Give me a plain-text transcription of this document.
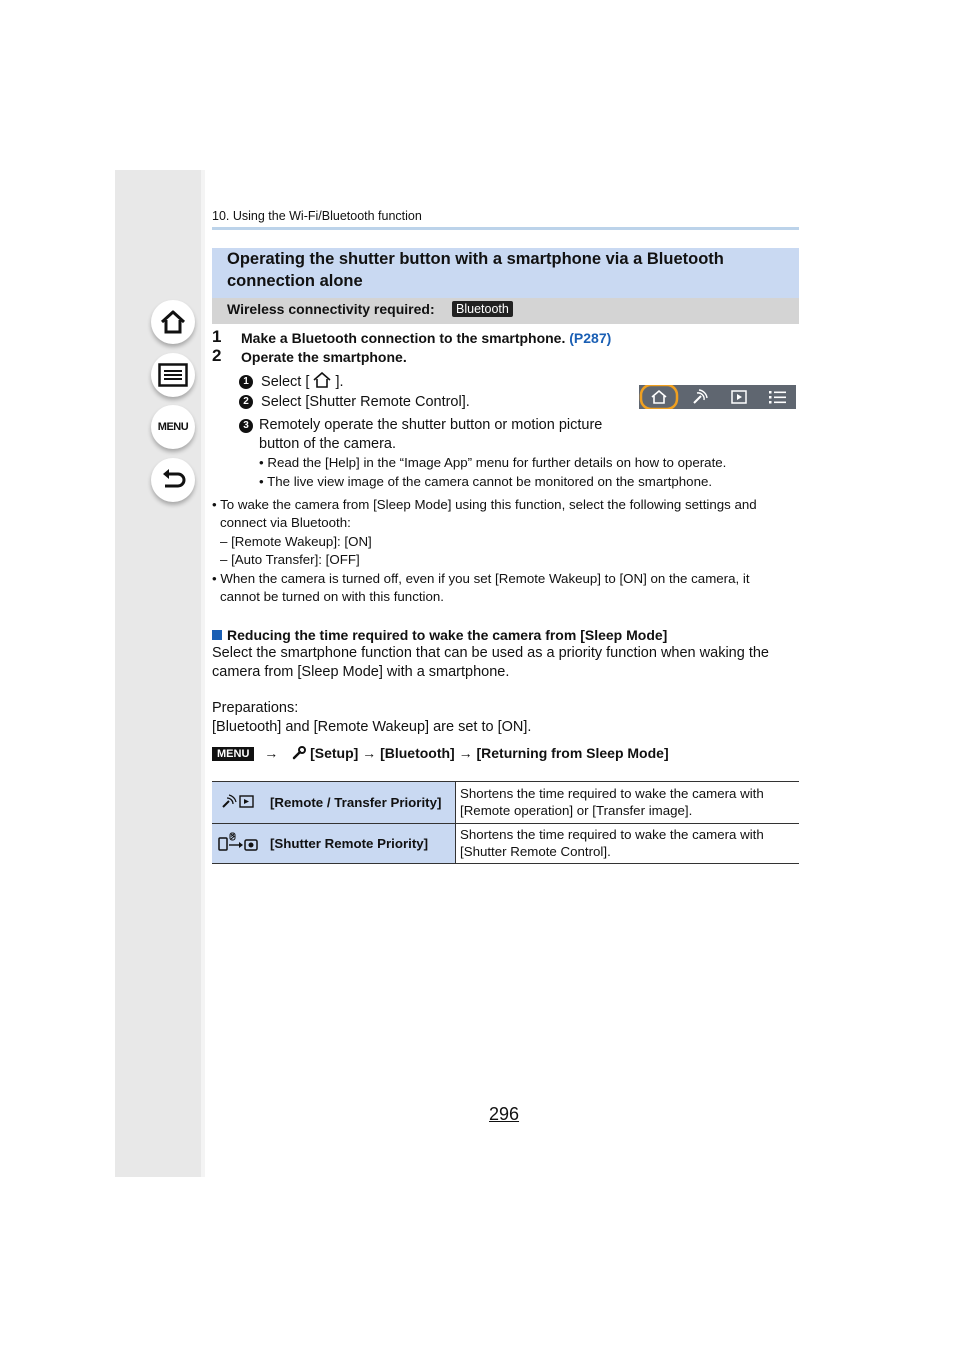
MENU
10. Using the Wi-Fi/Bluetooth function
Operating the shutter button with a smartphone via a Bluetooth connection alone
Wireless connectivity required:	Bluetooth
1 Make a Bluetooth connection to the smartphone. (P287)
2 Operate the smartphone.
1 Select [ ].
2 Select [Shutter Remote Control].
3 Remotely operate the shutter button or motion picture button of the camera.
• Read the [Help] in the “Image App” menu for further details on how to operate.
• The live view image of the camera cannot be monitored on the smartphone.
• To wake the camera from [Sleep Mode] using this function, select the following settings and
connect via Bluetooth:
– [Remote Wakeup]: [ON]
– [Auto Transfer]: [OFF]
• When the camera is turned off, even if you set [Remote Wakeup] to [ON] on the camera, it
cannot be turned on with this function.
Reducing the time required to wake the camera from [Sleep Mode]
Select the smartphone function that can be used as a priority function when waking the
camera from [Sleep Mode] with a smartphone.
Preparations:
[Bluetooth] and [Remote Wakeup] are set to [ON].
MENU → [Setup] → [Bluetooth] → [Returning from Sleep Mode]
	[Remote / Transfer Priority]	Shortens the time required to wake the camera with [Remote operation] or [Transfer image].
	[Shutter Remote Priority]	Shortens the time required to wake the camera with [Shutter Remote Control].
296
